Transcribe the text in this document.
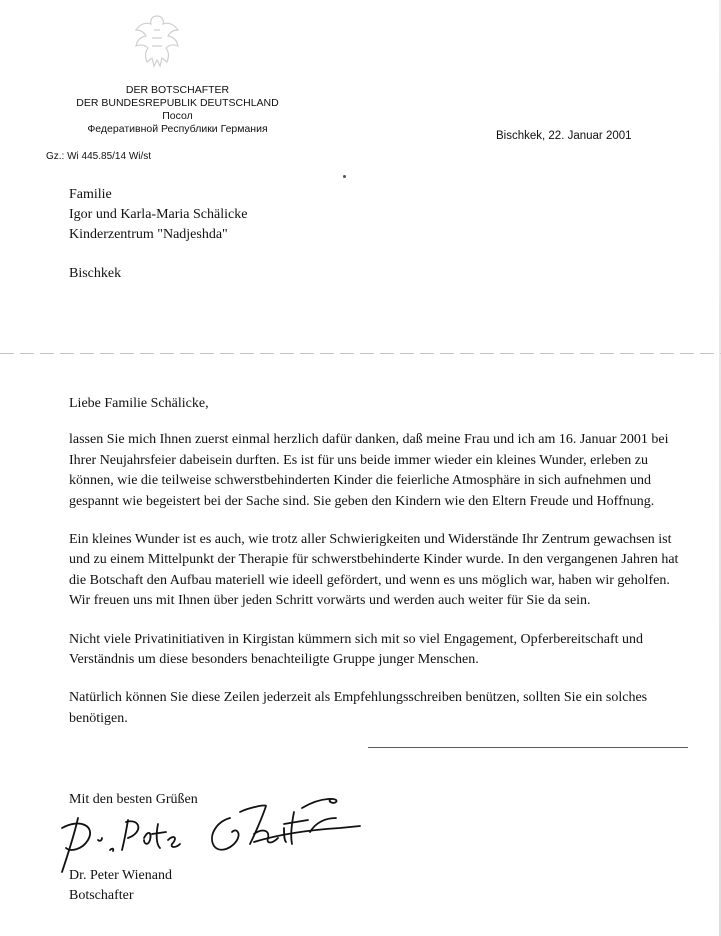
DER BOTSCHAFTER
DER BUNDESREPUBLIK DEUTSCHLAND
Посол
Федеративной Республики Германия
Gz.: Wi 445.85/14 Wi/st
Bischkek, 22. Januar 2001
Familie
Igor und Karla-Maria Schälicke
Kinderzentrum "Nadjeshda"
Bischkek

Liebe Familie Schälicke,

lassen Sie mich Ihnen zuerst einmal herzlich dafür danken, daß meine Frau und ich am 16. Januar 2001 bei Ihrer Neujahrsfeier dabeisein durften. Es ist für uns beide immer wieder ein kleines Wunder, erleben zu können, wie die teilweise schwerstbehinderten Kinder die feierliche Atmosphäre in sich aufnehmen und gespannt wie begeistert bei der Sache sind. Sie geben den Kindern wie den Eltern Freude und Hoffnung.

Ein kleines Wunder ist es auch, wie trotz aller Schwierigkeiten und Widerstände Ihr Zentrum gewachsen ist und zu einem Mittelpunkt der Therapie für schwerstbehinderte Kinder wurde. In den vergangenen Jahren hat die Botschaft den Aufbau materiell wie ideell gefördert, und wenn es uns möglich war, haben wir geholfen. Wir freuen uns mit Ihnen über jeden Schritt vorwärts und werden auch weiter für Sie da sein.

Nicht viele Privatinitiativen in Kirgistan kümmern sich mit so viel Engagement, Opferbereitschaft und Verständnis um diese besonders benachteiligte Gruppe junger Menschen.

Natürlich können Sie diese Zeilen jederzeit als Empfehlungsschreiben benützen, sollten Sie ein solches benötigen.

Mit den besten Grüßen
Dr. Peter Wienand
Botschafter
